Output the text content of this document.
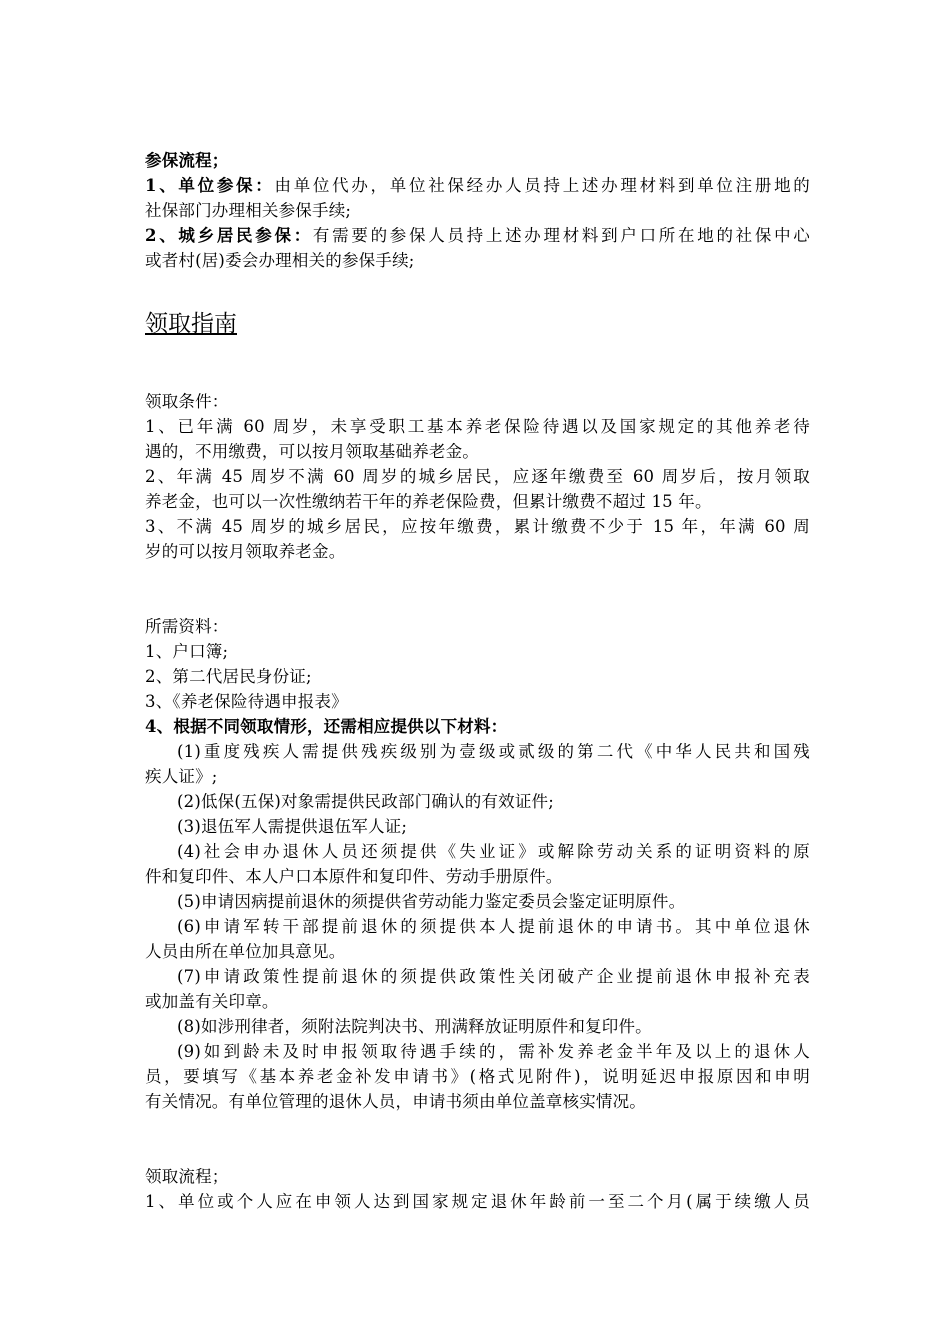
参保流程；
1、单位参保：由单位代办，单位社保经办人员持上述办理材料到单位注册地的
社保部门办理相关参保手续;
2、城乡居民参保：有需要的参保人员持上述办理材料到户口所在地的社保中心
或者村(居)委会办理相关的参保手续;
领取指南
领取条件：
1、已年满 60 周岁，未享受职工基本养老保险待遇以及国家规定的其他养老待
遇的，不用缴费，可以按月领取基础养老金。
2、年满 45 周岁不满 60 周岁的城乡居民，应逐年缴费至 60 周岁后，按月领取
养老金，也可以一次性缴纳若干年的养老保险费，但累计缴费不超过 15 年。
3、不满 45 周岁的城乡居民，应按年缴费，累计缴费不少于 15 年，年满 60 周
岁的可以按月领取养老金。
所需资料：
1、户口簿;
2、第二代居民身份证;
3、《养老保险待遇申报表》
4、根据不同领取情形，还需相应提供以下材料：
(1)重度残疾人需提供残疾级别为壹级或贰级的第二代《中华人民共和国残
疾人证》;
(2)低保(五保)对象需提供民政部门确认的有效证件;
(3)退伍军人需提供退伍军人证;
(4)社会申办退休人员还须提供《失业证》或解除劳动关系的证明资料的原
件和复印件、本人户口本原件和复印件、劳动手册原件。
(5)申请因病提前退休的须提供省劳动能力鉴定委员会鉴定证明原件。
(6)申请军转干部提前退休的须提供本人提前退休的申请书。其中单位退休
人员由所在单位加具意见。
(7)申请政策性提前退休的须提供政策性关闭破产企业提前退休申报补充表
或加盖有关印章。
(8)如涉刑律者，须附法院判决书、刑满释放证明原件和复印件。
(9)如到龄未及时申报领取待遇手续的，需补发养老金半年及以上的退休人
员，要填写《基本养老金补发申请书》(格式见附件)，说明延迟申报原因和申明
有关情况。有单位管理的退休人员，申请书须由单位盖章核实情况。
领取流程；
1、单位或个人应在申领人达到国家规定退休年龄前一至二个月(属于续缴人员
